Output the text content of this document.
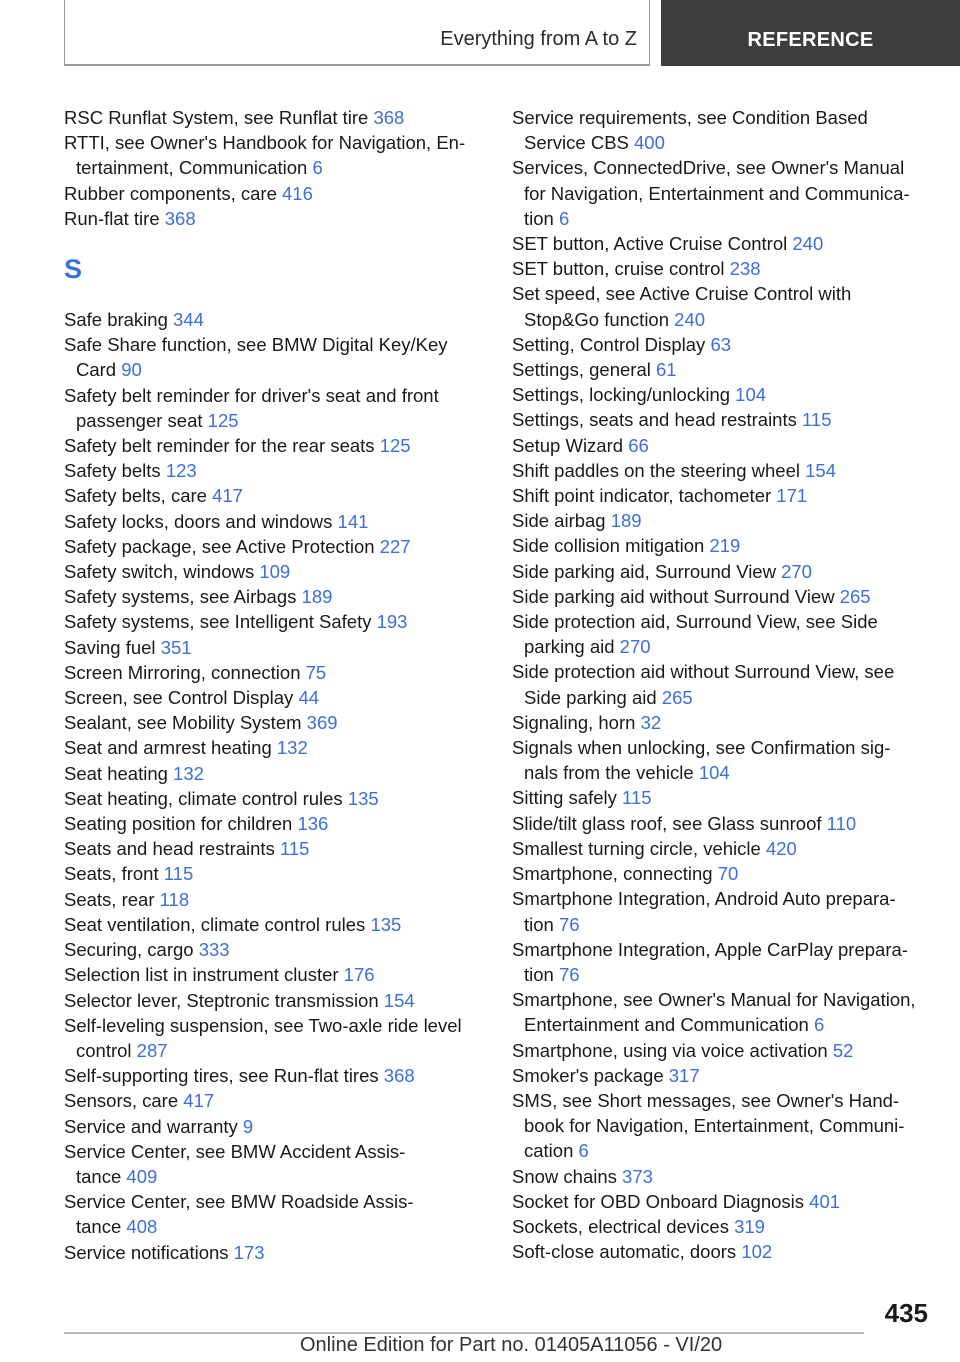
Everything from A to Z	REFERENCE
RSC Runflat System, see Runflat tire 368
RTTI, see Owner's Handbook for Navigation, En-
tertainment, Communication 6
Rubber components, care 416
Run-flat tire 368
S
Safe braking 344
Safe Share function, see BMW Digital Key/Key
Card 90
Safety belt reminder for driver's seat and front
passenger seat 125
Safety belt reminder for the rear seats 125
Safety belts 123
Safety belts, care 417
Safety locks, doors and windows 141
Safety package, see Active Protection 227
Safety switch, windows 109
Safety systems, see Airbags 189
Safety systems, see Intelligent Safety 193
Saving fuel 351
Screen Mirroring, connection 75
Screen, see Control Display 44
Sealant, see Mobility System 369
Seat and armrest heating 132
Seat heating 132
Seat heating, climate control rules 135
Seating position for children 136
Seats and head restraints 115
Seats, front 115
Seats, rear 118
Seat ventilation, climate control rules 135
Securing, cargo 333
Selection list in instrument cluster 176
Selector lever, Steptronic transmission 154
Self-leveling suspension, see Two-axle ride level
control 287
Self-supporting tires, see Run-flat tires 368
Sensors, care 417
Service and warranty 9
Service Center, see BMW Accident Assis-
tance 409
Service Center, see BMW Roadside Assis-
tance 408
Service notifications 173
Service requirements, see Condition Based
Service CBS 400
Services, ConnectedDrive, see Owner's Manual
for Navigation, Entertainment and Communica-
tion 6
SET button, Active Cruise Control 240
SET button, cruise control 238
Set speed, see Active Cruise Control with
Stop&Go function 240
Setting, Control Display 63
Settings, general 61
Settings, locking/unlocking 104
Settings, seats and head restraints 115
Setup Wizard 66
Shift paddles on the steering wheel 154
Shift point indicator, tachometer 171
Side airbag 189
Side collision mitigation 219
Side parking aid, Surround View 270
Side parking aid without Surround View 265
Side protection aid, Surround View, see Side
parking aid 270
Side protection aid without Surround View, see
Side parking aid 265
Signaling, horn 32
Signals when unlocking, see Confirmation sig-
nals from the vehicle 104
Sitting safely 115
Slide/tilt glass roof, see Glass sunroof 110
Smallest turning circle, vehicle 420
Smartphone, connecting 70
Smartphone Integration, Android Auto prepara-
tion 76
Smartphone Integration, Apple CarPlay prepara-
tion 76
Smartphone, see Owner's Manual for Navigation,
Entertainment and Communication 6
Smartphone, using via voice activation 52
Smoker's package 317
SMS, see Short messages, see Owner's Hand-
book for Navigation, Entertainment, Communi-
cation 6
Snow chains 373
Socket for OBD Onboard Diagnosis 401
Sockets, electrical devices 319
Soft-close automatic, doors 102
435
Online Edition for Part no. 01405A11056 - VI/20
